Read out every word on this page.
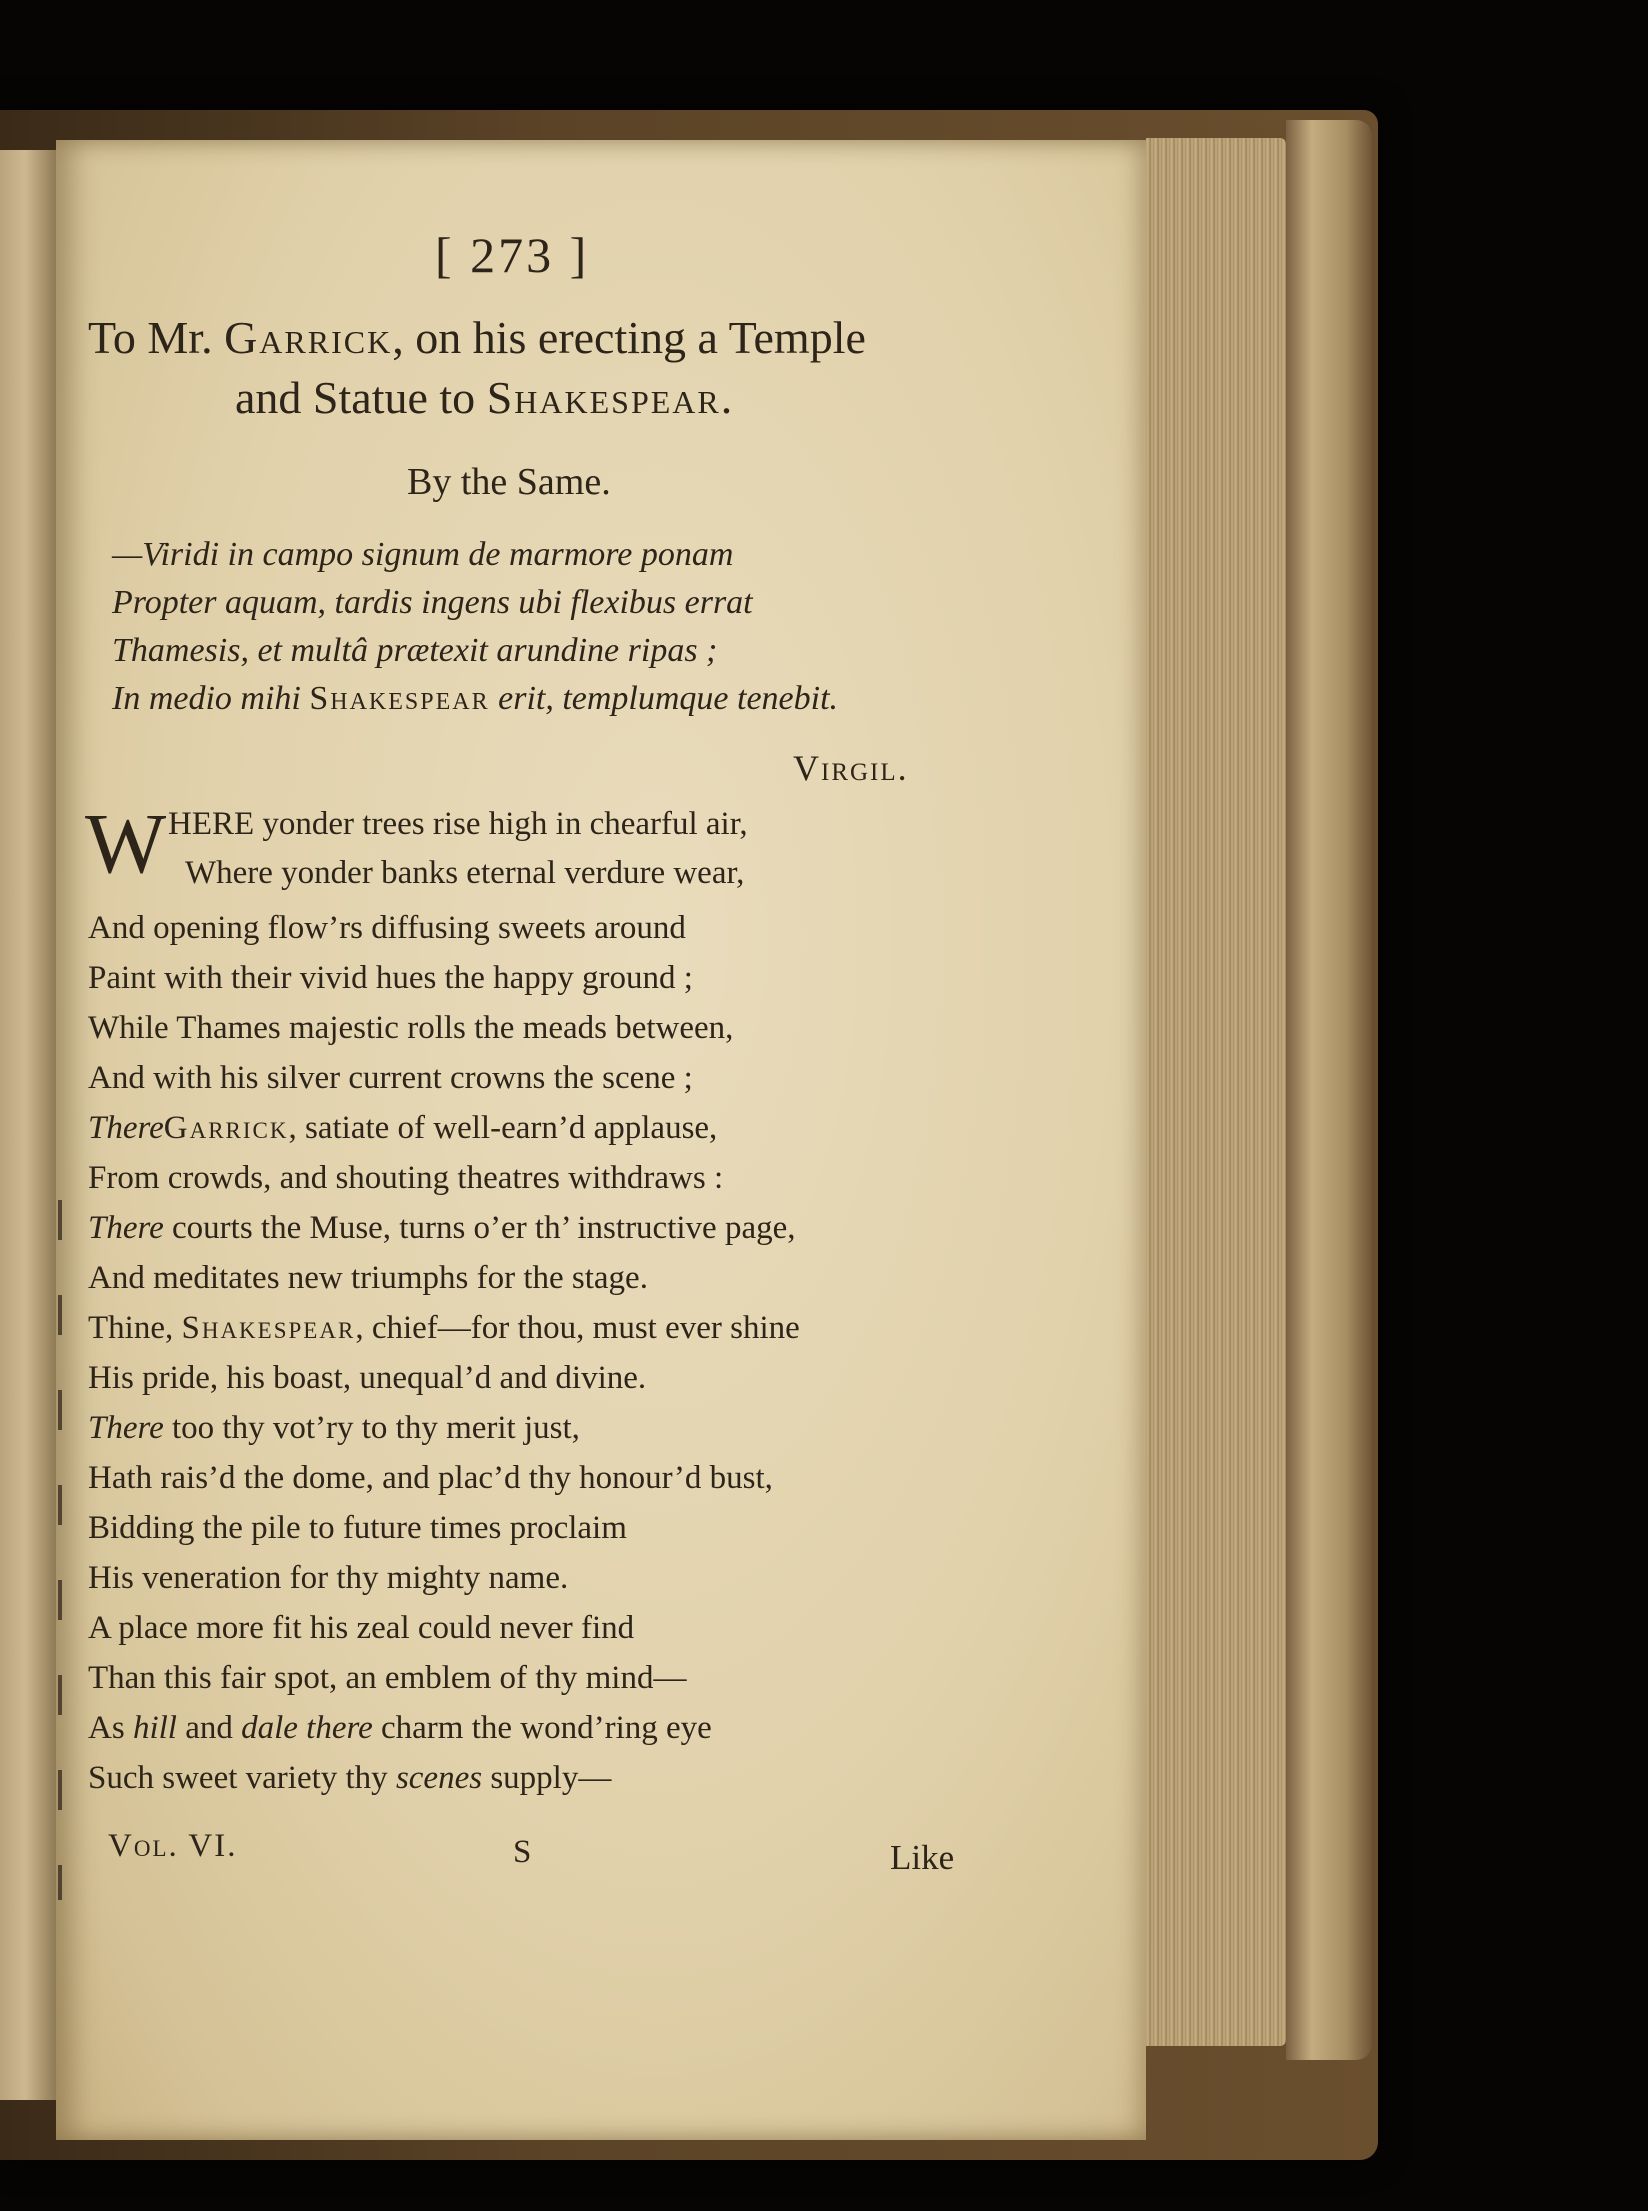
[ 273 ]
To Mr. Garrick, on his erecting a Temple
and Statue to Shakespear.
By the Same.
—Viridi in campo signum de marmore ponam
Propter aquam, tardis ingens ubi flexibus errat
Thamesis, et multâ prætexit arundine ripas ;
In medio mihi Shakespear erit, templumque tenebit.
Virgil.
W HERE yonder trees rise high in chearful air,
Where yonder banks eternal verdure wear,
And opening flow’rs diffusing sweets around
Paint with their vivid hues the happy ground ;
While Thames majestic rolls the meads between,
And with his silver current crowns the scene ;
ThereGarrick, satiate of well-earn’d applause,
From crowds, and shouting theatres withdraws :
There courts the Muse, turns o’er th’ instructive page,
And meditates new triumphs for the stage.
Thine, Shakespear, chief—for thou, must ever shine
His pride, his boast, unequal’d and divine.
There too thy vot’ry to thy merit just,
Hath rais’d the dome, and plac’d thy honour’d bust,
Bidding the pile to future times proclaim
His veneration for thy mighty name.
A place more fit his zeal could never find
Than this fair spot, an emblem of thy mind—
As hill and dale there charm the wond’ring eye
Such sweet variety thy scenes supply—
Vol. VI.	S	Like
